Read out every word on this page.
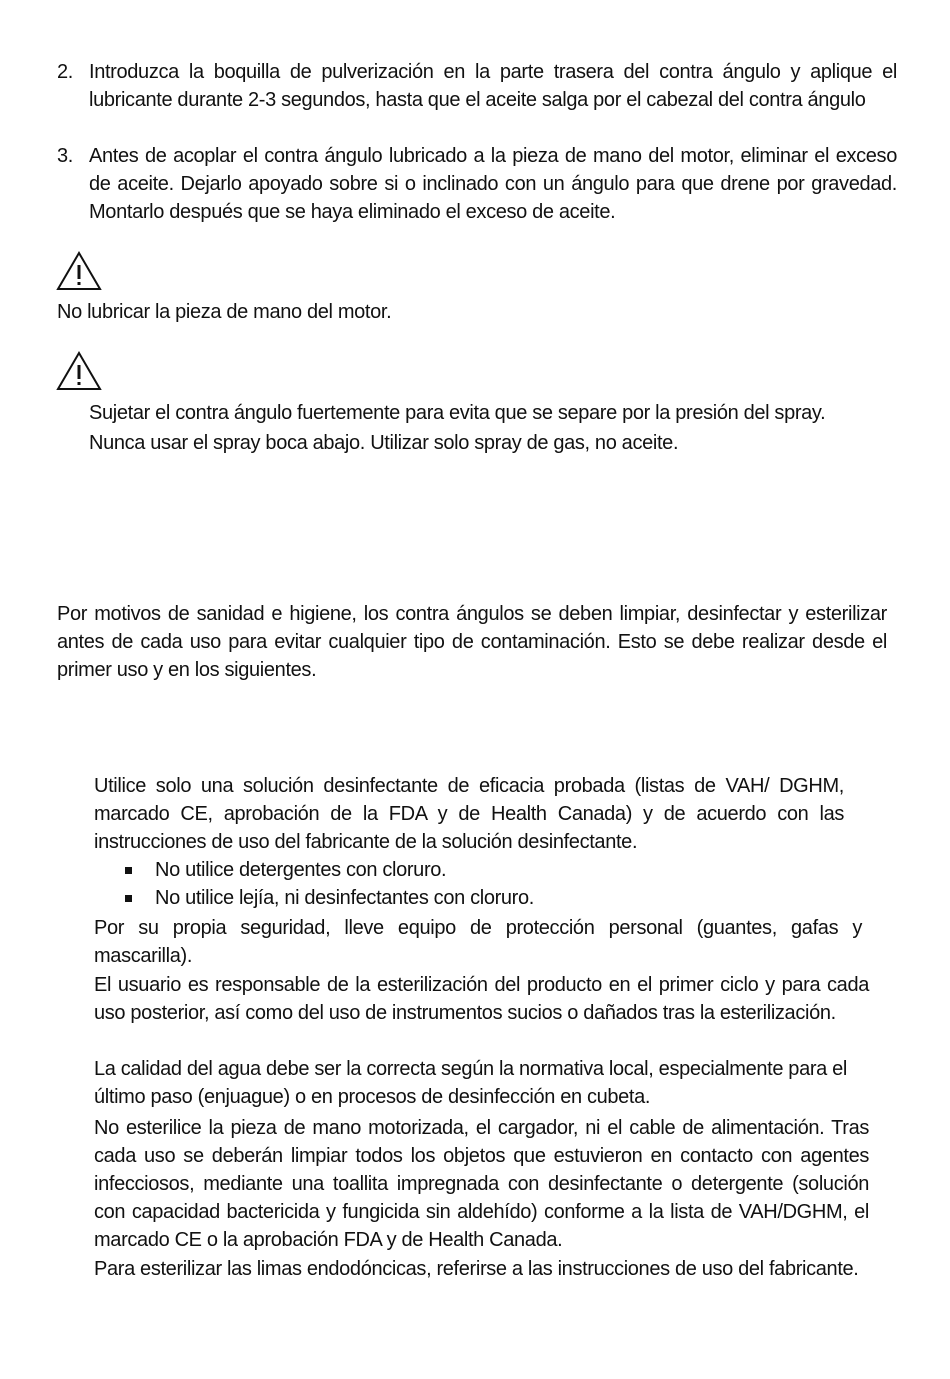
2. Introduzca la boquilla de pulverización en la parte trasera del contra ángulo y aplique el lubricante durante 2-3 segundos, hasta que el aceite salga por el cabezal del contra ángulo
3. Antes de acoplar el contra ángulo lubricado a la pieza de mano del motor, eliminar el exceso de aceite. Dejarlo apoyado sobre si o inclinado con un ángulo para que drene por gravedad. Montarlo después que se haya eliminado el exceso de aceite.
No lubricar la pieza de mano del motor.
Sujetar el contra ángulo fuertemente para evita que se separe por la presión del spray.
Nunca usar el spray boca abajo. Utilizar solo spray de gas, no aceite.
Por motivos de sanidad e higiene, los contra ángulos se deben limpiar, desinfectar y esterilizar antes de cada uso para evitar cualquier tipo de contaminación. Esto se debe realizar desde el primer uso y en los siguientes.
Utilice solo una solución desinfectante de eficacia probada (listas de VAH/ DGHM, marcado CE, aprobación de la FDA y de Health Canada) y de acuerdo con las instrucciones de uso del fabricante de la solución desinfectante.
No utilice detergentes con cloruro.
No utilice lejía, ni desinfectantes con cloruro.
Por su propia seguridad, lleve equipo de protección personal (guantes, gafas y mascarilla).
El usuario es responsable de la esterilización del producto en el primer ciclo y para cada uso posterior, así como del uso de instrumentos sucios o dañados tras la esterilización.
La calidad del agua debe ser la correcta según la normativa local, especialmente para el último paso (enjuague) o en procesos de desinfección en cubeta.
No esterilice la pieza de mano motorizada, el cargador, ni el cable de alimentación. Tras cada uso se deberán limpiar todos los objetos que estuvieron en contacto con agentes infecciosos, mediante una toallita impregnada con desinfectante o detergente (solución con capacidad bactericida y fungicida sin aldehído) conforme a la lista de VAH/DGHM, el marcado CE o la aprobación FDA y de Health Canada.
Para esterilizar las limas endodóncicas, referirse a las instrucciones de uso del fabricante.
